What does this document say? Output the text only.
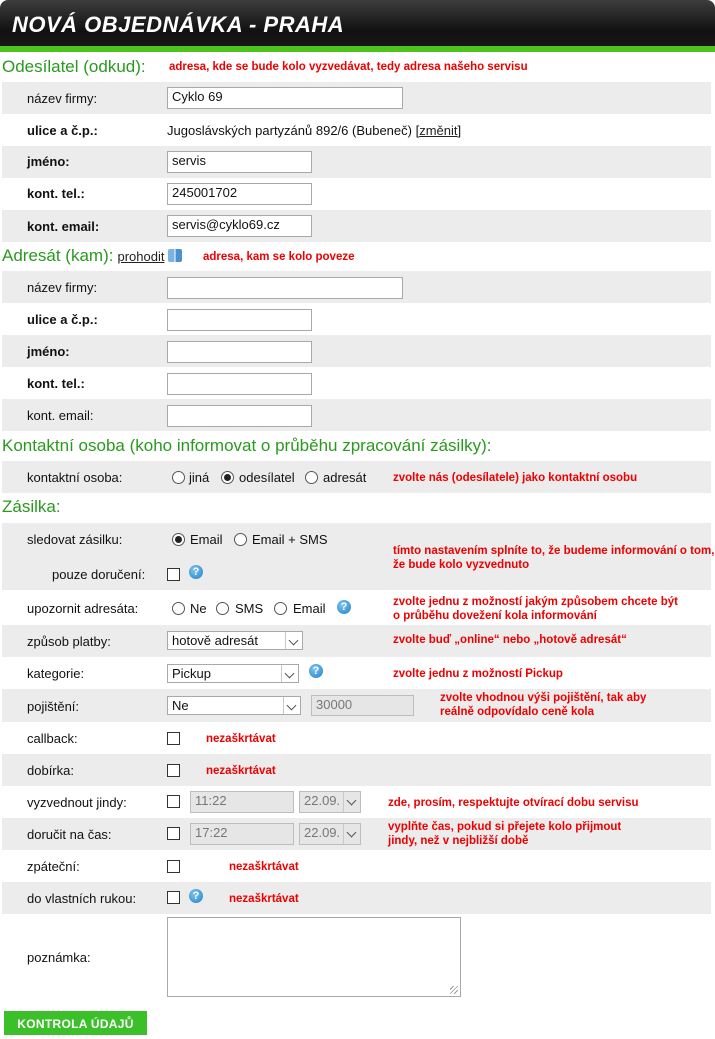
NOVÁ OBJEDNÁVKA - PRAHA
Odesílatel (odkud): adresa, kde se bude kolo vyzvedávat, tedy adresa našeho servisu
název firmy:	Cyklo 69
ulice a č.p.:	Jugoslávských partyzánů 892/6 (Bubeneč) [změnit]
jméno:	servis
kont. tel.:	245001702
kont. email:	servis@cyklo69.cz
Adresát (kam): prohodit	adresa, kam se kolo poveze
název firmy:
ulice a č.p.:
jméno:
kont. tel.:
kont. email:
Kontaktní osoba (koho informovat o průběhu zpracování zásilky):
kontaktní osoba:	jiná odesílatel adresát zvolte nás (odesílatele) jako kontaktní osobu
Zásilka:
sledovat zásilku:	Email Email + SMS
tímto nastavením splníte to, že budeme informování o tom,
že bude kolo vyzvednuto
pouze doručení:	?
upozornit adresáta:	Ne SMS Email	?	zvolte jednu z možností jakým způsobem chcete být
o průběhu dovežení kola informování
způsob platby:	hotově adresát	zvolte buď „online“ nebo „hotově adresát“
kategorie:	Pickup	?	zvolte jednu z možností Pickup
pojištění:	Ne	30000	zvolte vhodnou výši pojištění, tak aby
reálně odpovídalo ceně kola
callback:	nezaškrtávat
dobírka:	nezaškrtávat
vyzvednout jindy:	11:22	22.09.	zde, prosím, respektujte otvírací dobu servisu
doručit na čas:	17:22	22.09.	vyplňte čas, pokud si přejete kolo přijmout
jindy, než v nejbližší době
zpáteční:	nezaškrtávat
do vlastních rukou:	?	nezaškrtávat
poznámka:
KONTROLA ÚDAJŮ
